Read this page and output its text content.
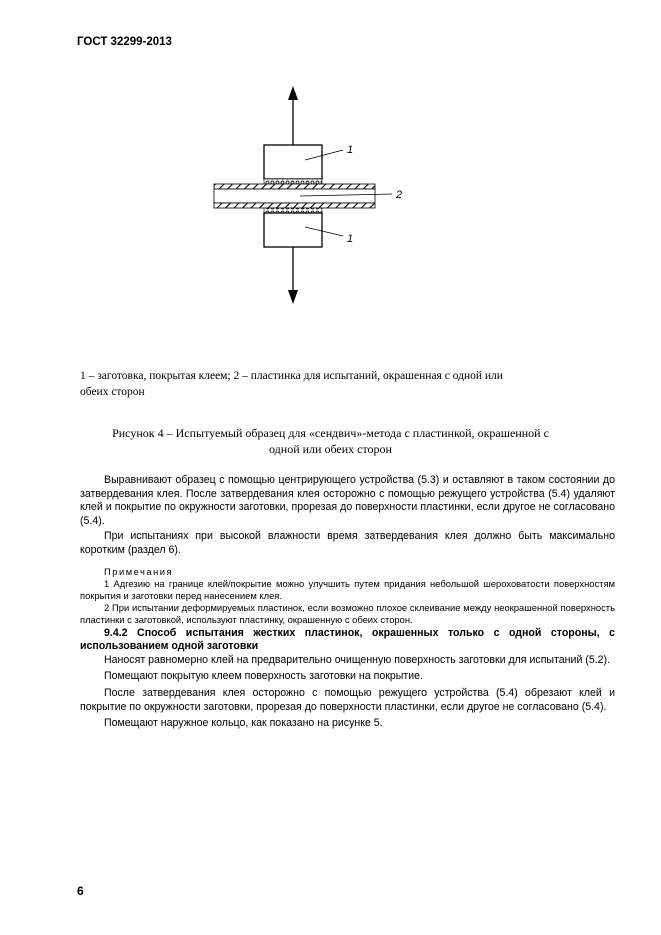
ГОСТ 32299-2013
1
2
1
1 – заготовка, покрытая клеем; 2 – пластинка для испытаний, окрашенная с одной или
обеих сторон
Рисунок 4 – Испытуемый образец для «сендвич»-метода с пластинкой, окрашенной с
одной или обеих сторон

Выравнивают образец с помощью центрирующего устройства (5.3) и оставляют в таком состоянии до затвердевания клея. После затвердевания клея осторожно с помощью режущего устройства (5.4) удаляют клей и покрытие по окружности заготовки, прорезая до поверхности пластинки, если другое не согласовано (5.4).

При испытаниях при высокой влажности время затвердевания клея должно быть максимально коротким (раздел 6).

Примечания

1 Адгезию на границе клей/покрытие можно улучшить путем придания небольшой шероховатости поверхностям покрытия и заготовки перед нанесением клея.

2 При испытании деформируемых пластинок, если возможно плохое склеивание между неокрашенной поверхность пластинки с заготовкой, используют пластинку, окрашенную с обеих сторон.

9.4.2 Способ испытания жестких пластинок, окрашенных только с одной стороны, с использованием одной заготовки

Наносят равномерно клей на предварительно очищенную поверхность заготовки для испытаний (5.2).

Помещают покрытую клеем поверхность заготовки на покрытие.

После затвердевания клея осторожно с помощью режущего устройства (5.4) обрезают клей и покрытие по окружности заготовки, прорезая до поверхности пластинки, если другое не согласовано (5.4).

Помещают наружное кольцо, как показано на рисунке 5.

6
